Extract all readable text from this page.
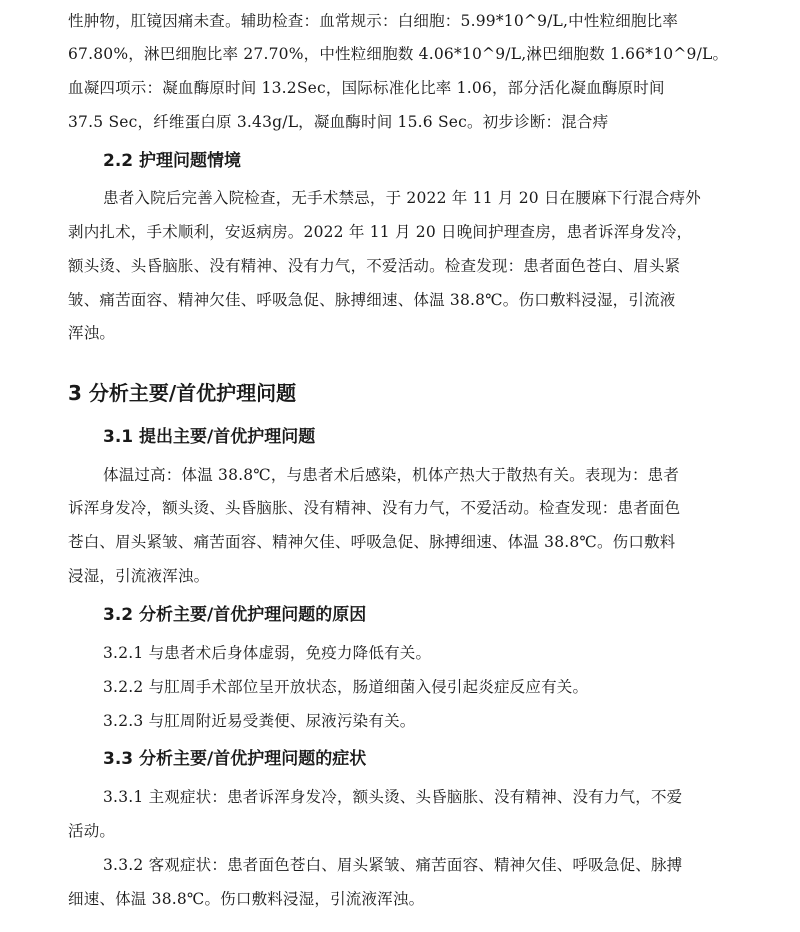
性肿物，肛镜因痛未查。辅助检查：血常规示：白细胞：5.99*10^9/L,中性粒细胞比率
67.80%，淋巴细胞比率 27.70%，中性粒细胞数 4.06*10^9/L,淋巴细胞数 1.66*10^9/L。
血凝四项示：凝血酶原时间 13.2Sec，国际标准化比率 1.06，部分活化凝血酶原时间
37.5 Sec，纤维蛋白原 3.43g/L，凝血酶时间 15.6 Sec。初步诊断：混合痔
2.2 护理问题情境
患者入院后完善入院检查，无手术禁忌，于 2022 年 11 月 20 日在腰麻下行混合痔外
剥内扎术，手术顺利，安返病房。2022 年 11 月 20 日晚间护理查房，患者诉浑身发冷，
额头烫、头昏脑胀、没有精神、没有力气，不爱活动。检查发现：患者面色苍白、眉头紧
皱、痛苦面容、精神欠佳、呼吸急促、脉搏细速、体温 38.8℃。伤口敷料浸湿，引流液
浑浊。
3 分析主要/首优护理问题
3.1 提出主要/首优护理问题
体温过高：体温 38.8℃，与患者术后感染，机体产热大于散热有关。表现为：患者
诉浑身发冷，额头烫、头昏脑胀、没有精神、没有力气，不爱活动。检查发现：患者面色
苍白、眉头紧皱、痛苦面容、精神欠佳、呼吸急促、脉搏细速、体温 38.8℃。伤口敷料
浸湿，引流液浑浊。
3.2 分析主要/首优护理问题的原因
3.2.1 与患者术后身体虚弱，免疫力降低有关。
3.2.2 与肛周手术部位呈开放状态，肠道细菌入侵引起炎症反应有关。
3.2.3 与肛周附近易受粪便、尿液污染有关。
3.3 分析主要/首优护理问题的症状
3.3.1 主观症状：患者诉浑身发冷，额头烫、头昏脑胀、没有精神、没有力气，不爱
活动。
3.3.2 客观症状：患者面色苍白、眉头紧皱、痛苦面容、精神欠佳、呼吸急促、脉搏
细速、体温 38.8℃。伤口敷料浸湿，引流液浑浊。
